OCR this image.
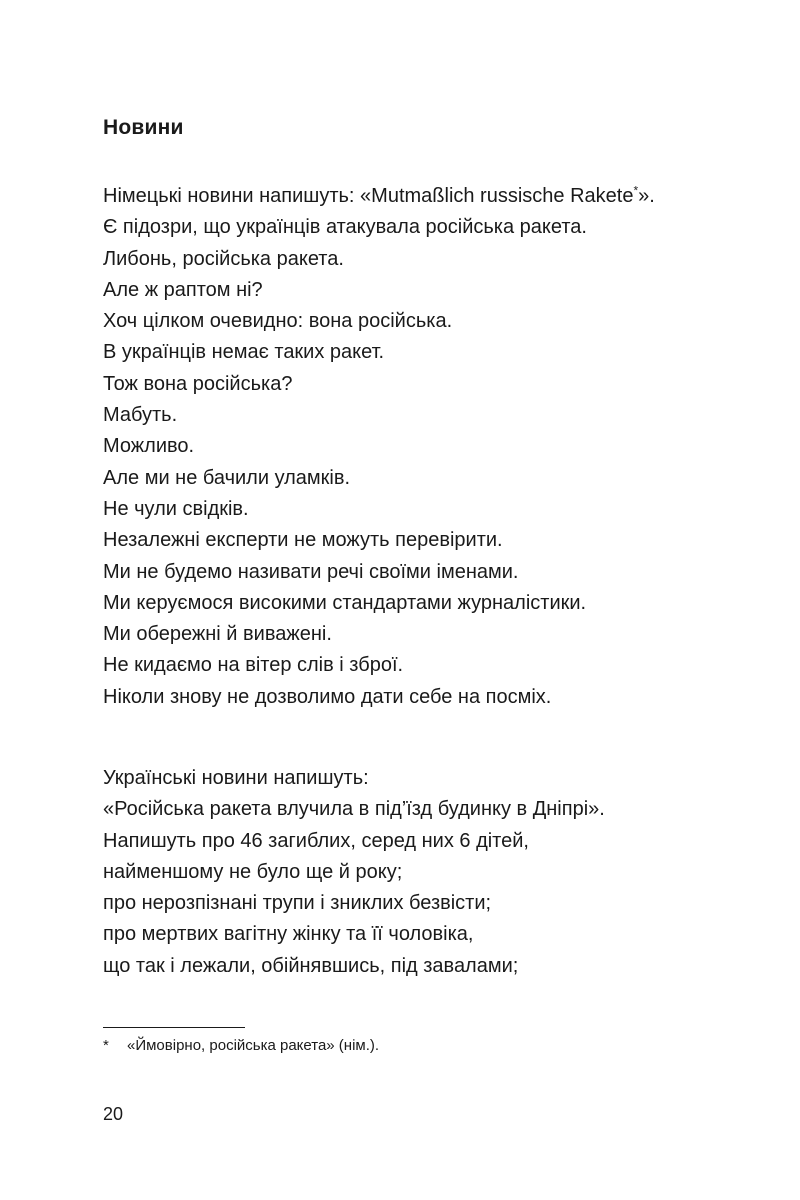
Новини
Німецькі новини напишуть: «Mutmaßlich russische Rakete*».
Є підозри, що українців атакувала російська ракета.
Либонь, російська ракета.
Але ж раптом ні?
Хоч цілком очевидно: вона російська.
В українців немає таких ракет.
Тож вона російська?
Мабуть.
Можливо.
Але ми не бачили уламків.
Не чули свідків.
Незалежні експерти не можуть перевірити.
Ми не будемо називати речі своїми іменами.
Ми керуємося високими стандартами журналістики.
Ми обережні й виважені.
Не кидаємо на вітер слів і зброї.
Ніколи знову не дозволимо дати себе на посміх.
Українські новини напишуть:
«Російська ракета влучила в під’їзд будинку в Дніпрі».
Напишуть про 46 загиблих, серед них 6 дітей,
найменшому не було ще й року;
про нерозпізнані трупи і зниклих безвісти;
про мертвих вагітну жінку та її чоловіка,
що так і лежали, обійнявшись, під завалами;
* «Ймовірно, російська ракета» (нім.).
20
